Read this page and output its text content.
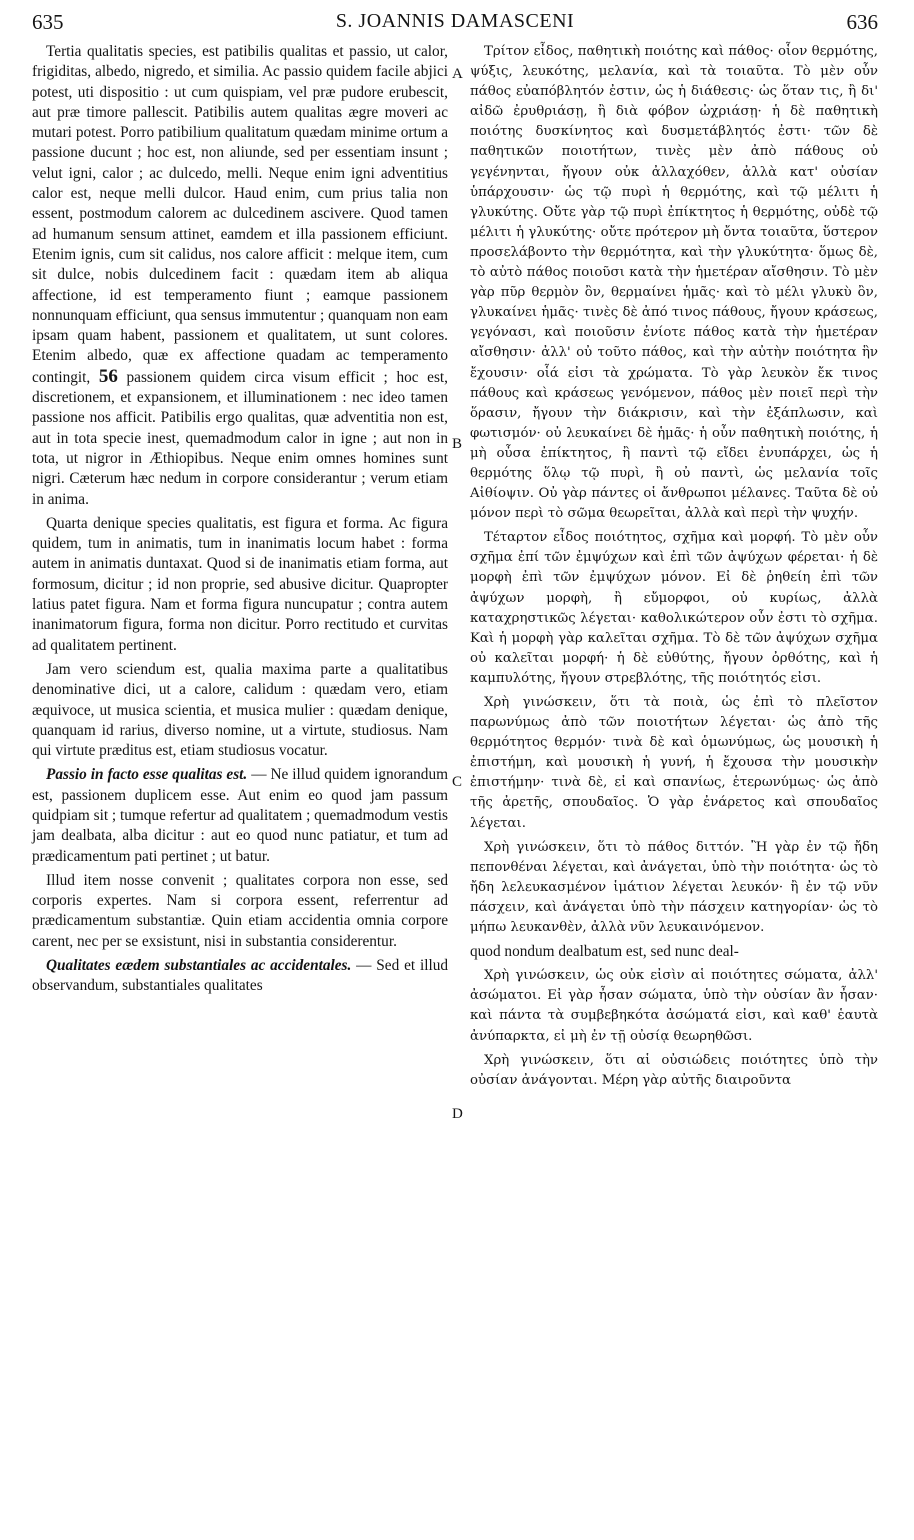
635	S. JOANNIS DAMASCENI	636
A
B
C
D

Tertia qualitatis species, est patibilis qualitas et passio, ut calor, frigiditas, albedo, nigredo, et similia. Ac passio quidem facile abjici potest, uti dispositio : ut cum quispiam, vel præ pudore erubescit, aut præ timore pallescit. Patibilis autem qualitas ægre moveri ac mutari potest. Porro patibilium qualitatum quædam minime ortum a passione ducunt ; hoc est, non aliunde, sed per essentiam insunt ; velut igni, calor ; ac dulcedo, melli. Neque enim igni adventitius calor est, neque melli dulcor. Haud enim, cum prius talia non essent, postmodum calorem ac dulcedinem ascivere. Quod tamen ad humanum sensum attinet, eamdem et illa passionem efficiunt. Etenim ignis, cum sit calidus, nos calore afficit : melque item, cum sit dulce, nobis dulcedinem facit : quædam item ab aliqua affectione, id est temperamento fiunt ; eamque passionem nonnunquam efficiunt, qua sensus immutentur ; quanquam non eam ipsam quam habent, passionem et qualitatem, ut sunt colores. Etenim albedo, quæ ex affectione quadam ac temperamento contingit, 56 passionem quidem circa visum efficit ; hoc est, discretionem, et expansionem, et illuminationem : nec ideo tamen passione nos afficit. Patibilis ergo qualitas, quæ adventitia non est, aut in tota specie inest, quemadmodum calor in igne ; aut non in tota, ut nigror in Æthiopibus. Neque enim omnes homines sunt nigri. Cæterum hæc nedum in corpore considerantur ; verum etiam in anima.

Quarta denique species qualitatis, est figura et forma. Ac figura quidem, tum in animatis, tum in inanimatis locum habet : forma autem in animatis duntaxat. Quod si de inanimatis etiam forma, aut formosum, dicitur ; id non proprie, sed abusive dicitur. Quapropter latius patet figura. Nam et forma figura nuncupatur ; contra autem inanimatorum figura, forma non dicitur. Porro rectitudo et curvitas ad qualitatem pertinent.

Jam vero sciendum est, qualia maxima parte a qualitatibus denominative dici, ut a calore, calidum : quædam vero, etiam æquivoce, ut musica scientia, et musica mulier : quædam denique, quanquam id rarius, diverso nomine, ut a virtute, studiosus. Nam qui virtute præditus est, etiam studiosus vocatur.

Passio in facto esse qualitas est. — Ne illud quidem ignorandum est, passionem duplicem esse. Aut enim eo quod jam passum quidpiam sit ; tumque refertur ad qualitatem ; quemadmodum vestis jam dealbata, alba dicitur : aut eo quod nunc patiatur, et tum ad prædicamentum pati pertinet ; ut batur.

Illud item nosse convenit ; qualitates corpora non esse, sed corporis expertes. Nam si corpora essent, referrentur ad prædicamentum substantiæ. Quin etiam accidentia omnia corpore carent, nec per se exsistunt, nisi in substantia considerentur.

Qualitates eædem substantiales ac accidentales. — Sed et illud observandum, substantiales qualitates

Τρίτον εἶδος, παθητικὴ ποιότης καὶ πάθος· οἷον θερμότης, ψύξις, λευκότης, μελανία, καὶ τὰ τοιαῦτα. Τὸ μὲν οὖν πάθος εὐαπόβλητόν ἐστιν, ὡς ἡ διάθεσις· ὡς ὅταν τις, ἢ δι' αἰδῶ ἐρυθριάσῃ, ἢ διὰ φόβον ὠχριάσῃ· ἡ δὲ παθητικὴ ποιότης δυσκίνητος καὶ δυσμετάβλητός ἐστι· τῶν δὲ παθητικῶν ποιοτήτων, τινὲς μὲν ἀπὸ πάθους οὐ γεγένηνται, ἤγουν οὐκ ἀλλαχόθεν, ἀλλὰ κατ' οὐσίαν ὑπάρχουσιν· ὡς τῷ πυρὶ ἡ θερμότης, καὶ τῷ μέλιτι ἡ γλυκύτης. Οὔτε γὰρ τῷ πυρὶ ἐπίκτητος ἡ θερμότης, οὐδὲ τῷ μέλιτι ἡ γλυκύτης· οὔτε πρότερον μὴ ὄντα τοιαῦτα, ὕστερον προσελάβοντο τὴν θερμότητα, καὶ τὴν γλυκύτητα· ὅμως δὲ, τὸ αὐτὸ πάθος ποιοῦσι κατὰ τὴν ἡμετέραν αἴσθησιν. Τὸ μὲν γὰρ πῦρ θερμὸν ὂν, θερμαίνει ἡμᾶς· καὶ τὸ μέλι γλυκὺ ὂν, γλυκαίνει ἡμᾶς· τινὲς δὲ ἀπό τινος πάθους, ἤγουν κράσεως, γεγόνασι, καὶ ποιοῦσιν ἐνίοτε πάθος κατὰ τὴν ἡμετέραν αἴσθησιν· ἀλλ' οὐ τοῦτο πάθος, καὶ τὴν αὐτὴν ποιότητα ἣν ἔχουσιν· οἷά εἰσι τὰ χρώματα. Τὸ γὰρ λευκὸν ἔκ τινος πάθους καὶ κράσεως γενόμενον, πάθος μὲν ποιεῖ περὶ τὴν ὅρασιν, ἤγουν τὴν διάκρισιν, καὶ τὴν ἐξάπλωσιν, καὶ φωτισμόν· οὐ λευκαίνει δὲ ἡμᾶς· ἡ οὖν παθητικὴ ποιότης, ἡ μὴ οὖσα ἐπίκτητος, ἢ παντὶ τῷ εἴδει ἐνυπάρχει, ὡς ἡ θερμότης ὅλῳ τῷ πυρὶ, ἢ οὐ παντὶ, ὡς μελανία τοῖς Αἰθίοψιν. Οὐ γὰρ πάντες οἱ ἄνθρωποι μέλανες. Ταῦτα δὲ οὐ μόνον περὶ τὸ σῶμα θεωρεῖται, ἀλλὰ καὶ περὶ τὴν ψυχήν.

Τέταρτον εἶδος ποιότητος, σχῆμα καὶ μορφή. Τὸ μὲν οὖν σχῆμα ἐπί τῶν ἐμψύχων καὶ ἐπὶ τῶν ἀψύχων φέρεται· ἡ δὲ μορφὴ ἐπὶ τῶν ἐμψύχων μόνον. Εἰ δὲ ῥηθείη ἐπὶ τῶν ἀψύχων μορφὴ, ἢ εὔμορφοι, οὐ κυρίως, ἀλλὰ καταχρηστικῶς λέγεται· καθολικώτερον οὖν ἐστι τὸ σχῆμα. Καὶ ἡ μορφὴ γὰρ καλεῖται σχῆμα. Τὸ δὲ τῶν ἀψύχων σχῆμα οὐ καλεῖται μορφή· ἡ δὲ εὐθύτης, ἤγουν ὀρθότης, καὶ ἡ καμπυλότης, ἤγουν στρεβλότης, τῆς ποιότητός εἰσι.

Χρὴ γινώσκειν, ὅτι τὰ ποιὰ, ὡς ἐπὶ τὸ πλεῖστον παρωνύμως ἀπὸ τῶν ποιοτήτων λέγεται· ὡς ἀπὸ τῆς θερμότητος θερμόν· τινὰ δὲ καὶ ὁμωνύμως, ὡς μουσικὴ ἡ ἐπιστήμη, καὶ μουσικὴ ἡ γυνή, ἡ ἔχουσα τὴν μουσικὴν ἐπιστήμην· τινὰ δὲ, εἰ καὶ σπανίως, ἑτερωνύμως· ὡς ἀπὸ τῆς ἀρετῆς, σπουδαῖος. Ὁ γὰρ ἐνάρετος καὶ σπουδαῖος λέγεται.

Χρὴ γινώσκειν, ὅτι τὸ πάθος διττόν. Ἢ γὰρ ἐν τῷ ἤδη πεπονθέναι λέγεται, καὶ ἀνάγεται, ὑπὸ τὴν ποιότητα· ὡς τὸ ἤδη λελευκασμένον ἱμάτιον λέγεται λευκόν· ἢ ἐν τῷ νῦν πάσχειν, καὶ ἀνάγεται ὑπὸ τὴν πάσχειν κατηγορίαν· ὡς τὸ μήπω λευκανθὲν, ἀλλὰ νῦν λευκαινόμενον.

quod nondum dealbatum est, sed nunc deal-

Χρὴ γινώσκειν, ὡς οὐκ εἰσὶν αἱ ποιότητες σώματα, ἀλλ' ἀσώματοι. Εἰ γὰρ ἦσαν σώματα, ὑπὸ τὴν οὐσίαν ἂν ἦσαν· καὶ πάντα τὰ συμβεβηκότα ἀσώματά εἰσι, καὶ καθ' ἑαυτὰ ἀνύπαρκτα, εἰ μὴ ἐν τῇ οὐσίᾳ θεωρηθῶσι.

Χρὴ γινώσκειν, ὅτι αἱ οὐσιώδεις ποιότητες ὑπὸ τὴν οὐσίαν ἀνάγονται. Μέρη γὰρ αὐτῆς διαιροῦντα
